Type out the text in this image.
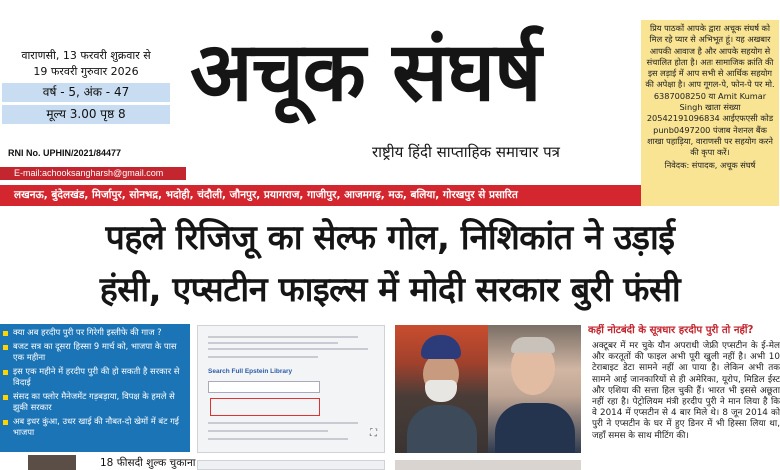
वाराणसी, 13 फरवरी शुक्रवार से
19 फरवरी गुरुवार 2026
वर्ष - 5, अंक - 47
मूल्य 3.00 पृष्ठ 8
RNI No. UPHIN/2021/84477
E-mail:achooksangharsh@gmail.com
अचूक संघर्ष
राष्ट्रीय हिंदी साप्ताहिक समाचार पत्र
प्रिय पाठकों आपके द्वारा अचूक संघर्ष को मिल रहे प्यार से अभिभूत हूं। यह अखबार आपकी आवाज है और आपके सहयोग से संचालित होता है। अतः सामाजिक क्रांति की इस लड़ाई में आप सभी से आर्थिक सहयोग की अपेक्षा है। आप गूगल-पे, फोन-पे पर मो. 6387008250 या Amit Kumar Singh खाता संख्या 20542191096834 आईएफएसी कोड punb0497200 पंजाब नेशनल बैंक शाखा पहाड़िया, वाराणसी पर सहयोग करने की कृपा करें।
निवेदक: संपादक, अचूक संघर्ष
लखनऊ, बुंदेलखंड, मिर्जापुर, सोनभद्र, भदोही, चंदौली, जौनपुर, प्रयागराज, गाजीपुर, आजमगढ़, मऊ, बलिया, गोरखपुर से प्रसारित
पहले रिजिजू का सेल्फ गोल, निशिकांत ने उड़ाई
हंसी, एप्सटीन फाइल्स में मोदी सरकार बुरी फंसी
क्या अब हरदीप पुरी पर गिरेगी इस्तीफे की गाज ?
बजट सत्र का दूसरा हिस्सा 9 मार्च को, भाजपा के पास एक महीना
इस एक महीने में हरदीप पुरी की हो सकती है सरकार से विदाई
संसद का फ्लोर मैनेजमेंट गड़बड़ाया, विपक्ष के हमले से झुकी सरकार
अब इधर कुंआ, उधर खाई की नौबत-दो खेमों में बंट गई भाजपा
18 फीसदी शुल्क चुकाना
Search Full Epstein Library
⛶
कहीं नोटबंदी के सूत्रधार हरदीप पुरी तो नहीं?
अक्टूबर में मर चुके यौन अपराधी जेफ्री एप्सटीन के ई-मेल और करतूतों की फाइल अभी पूरी खुली नहीं है। अभी 10 टेराबाइट डेटा सामने नहीं आ पाया है। लेकिन अभी तक सामने आई जानकारियों से ही अमेरिका, यूरोप, मिडिल ईस्ट और एशिया की सत्ता हिल चुकी हैं। भारत भी इससे अछूता नहीं रहा है। पेट्रोलियम मंत्री हरदीप पुरी ने मान लिया है कि वे 2014 में एप्सटीन से 4 बार मिले थे। 8 जून 2014 को पुरी ने एप्सटीन के घर में हुए डिनर में भी हिस्सा लिया था, जहाँ समस के साथ मीटिंग की।
